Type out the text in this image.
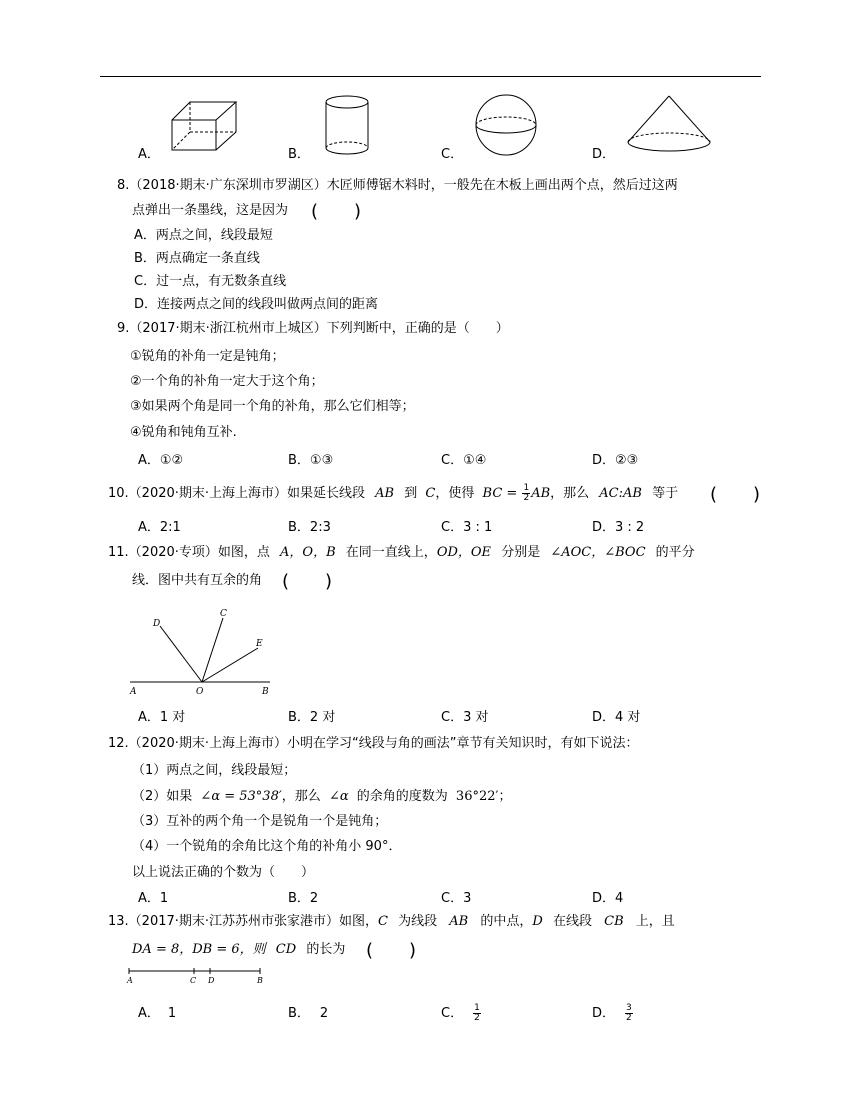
A．	B．	C．	D．
8.（2018·期末·广东深圳市罗湖区）木匠师傅锯木料时，一般先在木板上画出两个点，然后过这两
点弹出一条墨线，这是因为 (　　)
A．两点之间，线段最短
B．两点确定一条直线
C．过一点，有无数条直线
D．连接两点之间的线段叫做两点间的距离
9.（2017·期末·浙江杭州市上城区）下列判断中，正确的是（　　）
①锐角的补角一定是钝角；
②一个角的补角一定大于这个角；
③如果两个角是同一个角的补角，那么它们相等；
④锐角和钝角互补.
A．①②	B．①③	C．①④	D．②③
10.（2020·期末·上海上海市）如果延长线段 AB 到 C，使得 BC = $\frac{1}{2}$ AB，那么 AC:AB 等于 (　　)
A．2:1	B．2:3	C．3 : 1	D．3 : 2
11.（2020·专项）如图，点 A，O，B 在同一直线上，OD，OE 分别是 ∠AOC，∠BOC 的平分
线．图中共有互余的角 (　　)
D
C
E
A	O	B
A．1 对	B．2 对	C．3 对	D．4 对
12.（2020·期末·上海上海市）小明在学习“线段与角的画法”章节有关知识时，有如下说法：
（1）两点之间，线段最短；
（2）如果 ∠α = 53°38′，那么 ∠α 的余角的度数为 36°22′；
（3）互补的两个角一个是锐角一个是钝角；
（4）一个锐角的余角比这个角的补角小 90°．
以上说法正确的个数为（　　）
A．1	B．2	C．3	D．4
13.（2017·期末·江苏苏州市张家港市）如图，C 为线段 AB 的中点，D 在线段 CB 上，且
DA = 8，DB = 6，则 CD 的长为 (　　)
A	C D	B
A． 1	B． 2	C． $\frac{1}{2}$	D． $\frac{3}{2}$
